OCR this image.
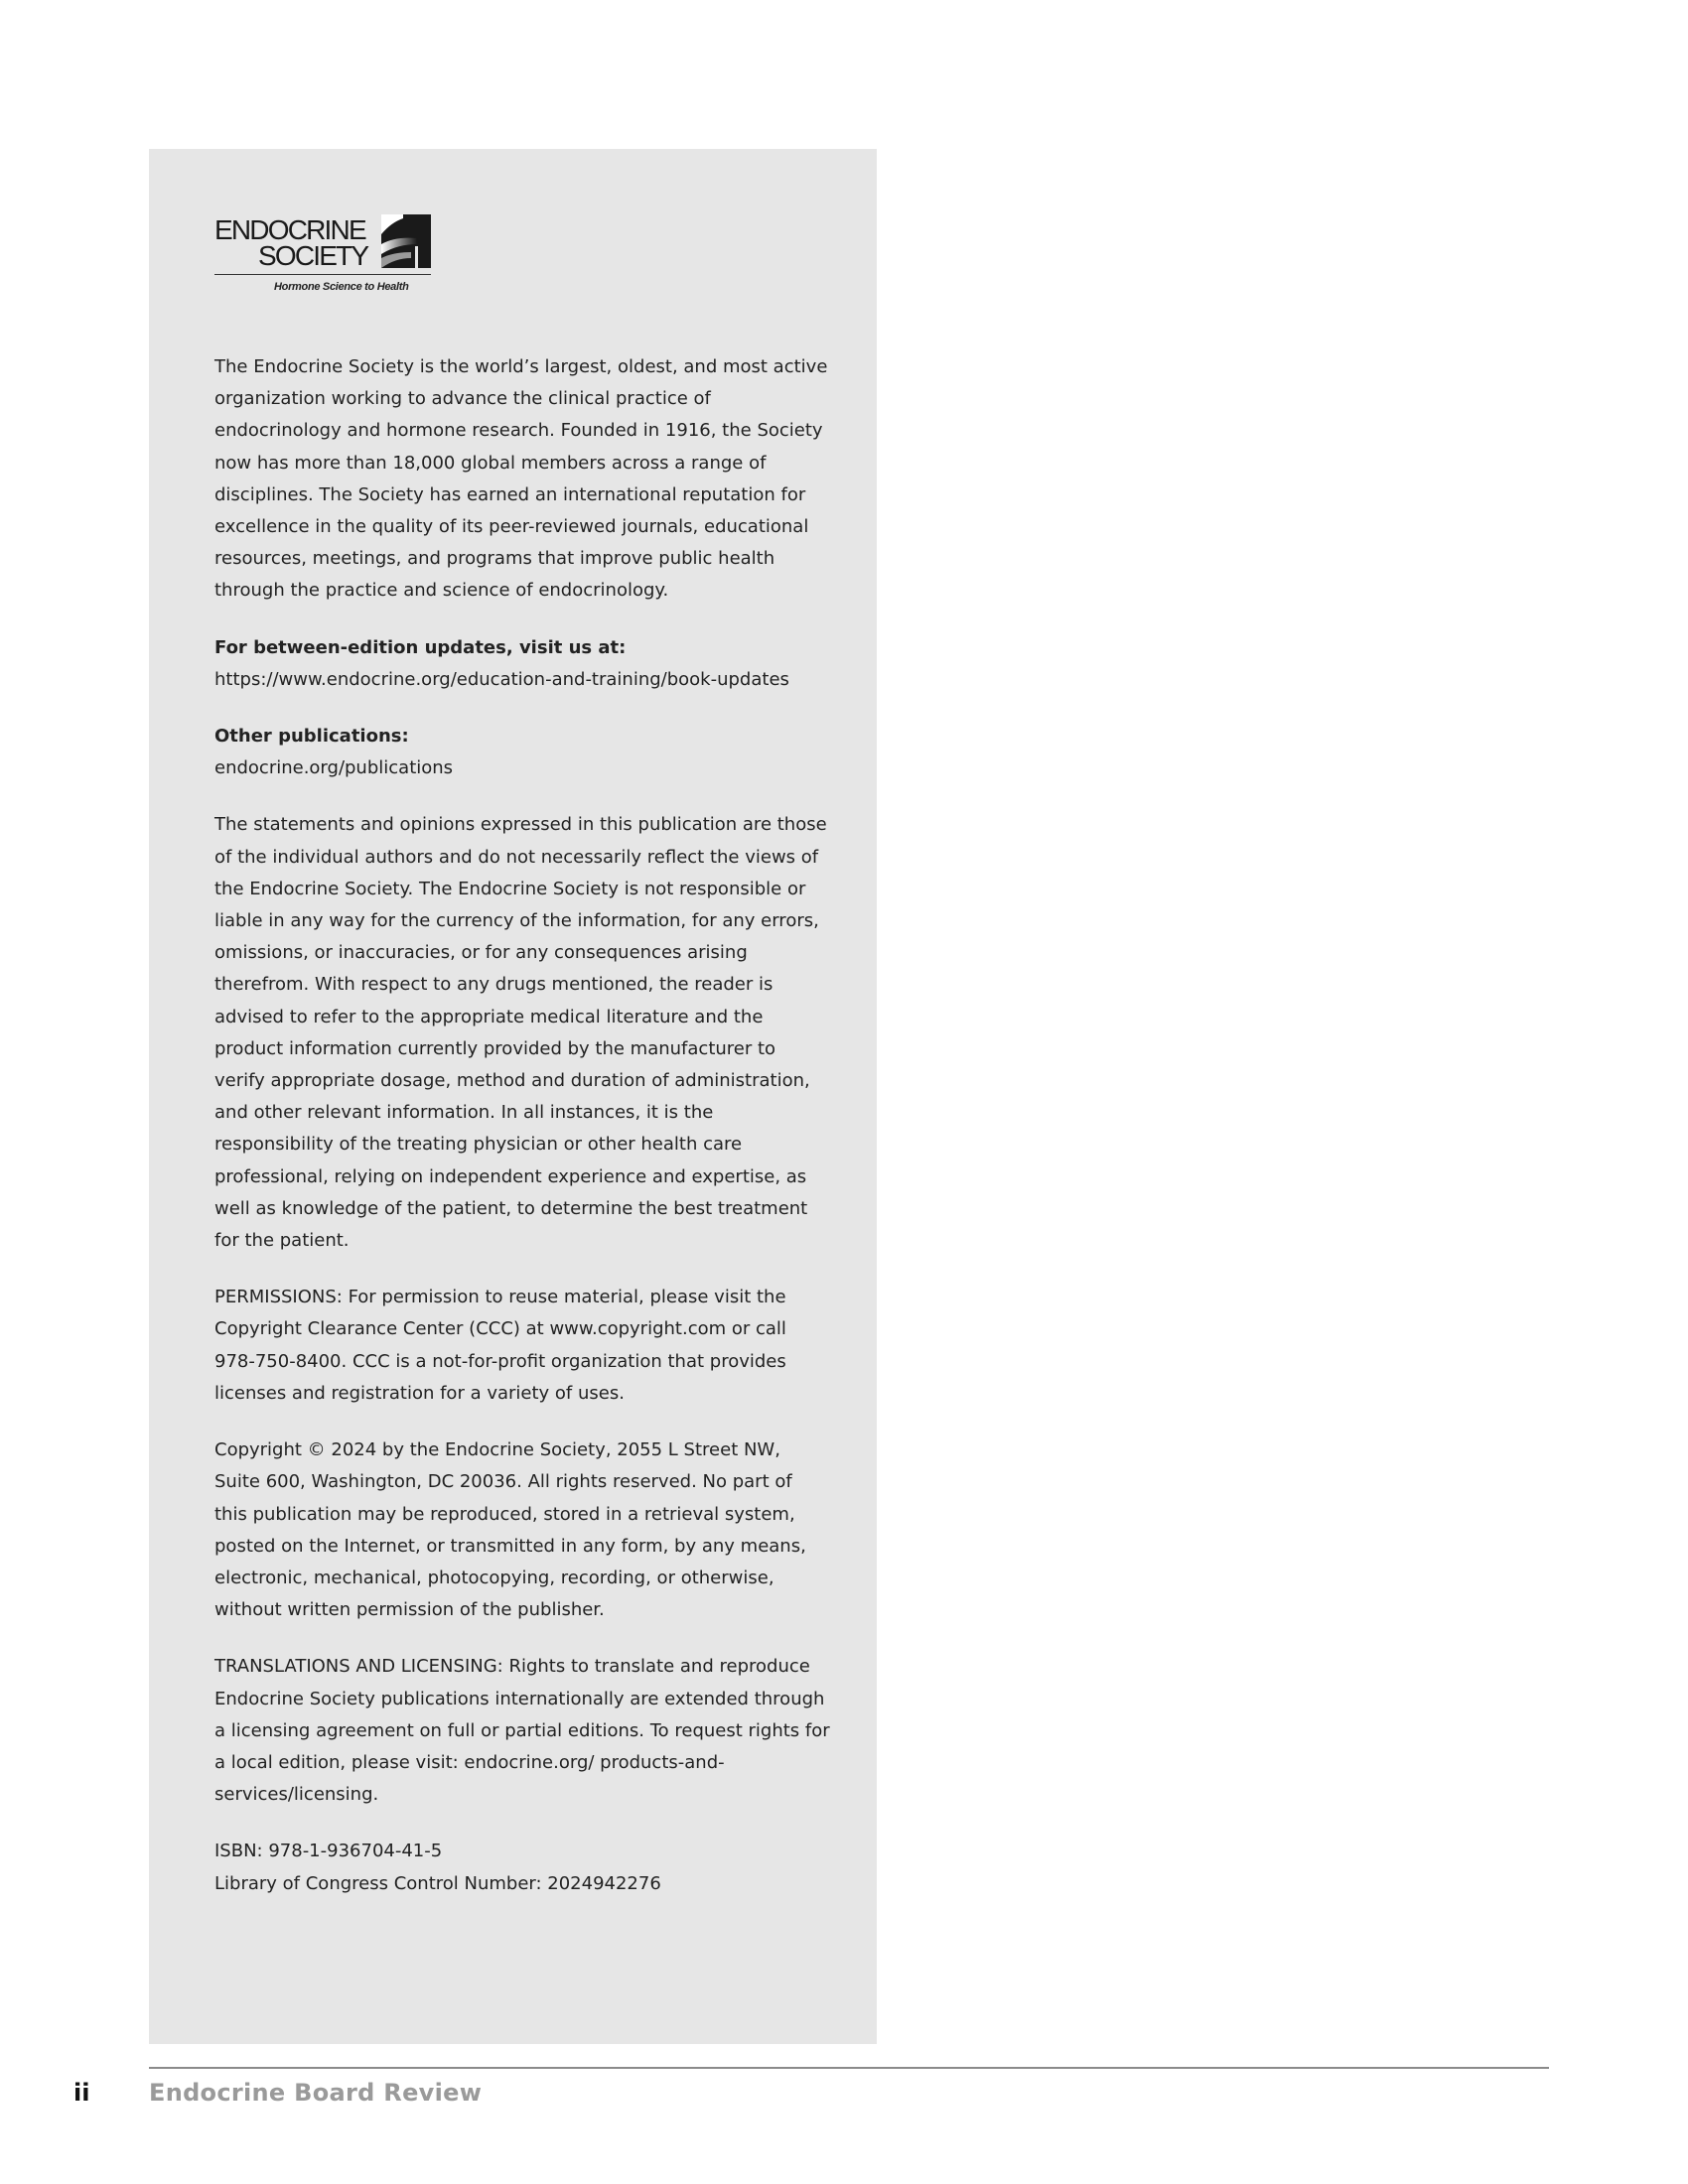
ENDOCRINE
SOCIETY
Hormone Science to Health

The Endocrine Society is the world’s largest, oldest, and most active organization working to advance the clinical practice of endocrinology and hormone research. Founded in 1916, the Society now has more than 18,000 global members across a range of disciplines. The Society has earned an international reputation for excellence in the quality of its peer-reviewed journals, educational resources, meetings, and programs that improve public health through the practice and science of endocrinology.

For between-edition updates, visit us at:
https://www.endocrine.org/education-and-training/book-updates

Other publications:
endocrine.org/publications

The statements and opinions expressed in this publication are those of the individual authors and do not necessarily reflect the views of the Endocrine Society. The Endocrine Society is not responsible or liable in any way for the currency of the information, for any errors, omissions, or inaccuracies, or for any consequences arising therefrom. With respect to any drugs mentioned, the reader is advised to refer to the appropriate medical literature and the product information currently provided by the manufacturer to verify appropriate dosage, method and duration of administration, and other relevant information. In all instances, it is the responsibility of the treating physician or other health care professional, relying on independent experience and expertise, as well as knowledge of the patient, to determine the best treatment for the patient.

PERMISSIONS: For permission to reuse material, please visit the Copyright Clearance Center (CCC) at www.copyright.com or call 978-750-8400. CCC is a not-for-profit organization that provides licenses and registration for a variety of uses.

Copyright © 2024 by the Endocrine Society, 2055 L Street NW, Suite 600, Washington, DC 20036. All rights reserved. No part of this publication may be reproduced, stored in a retrieval system, posted on the Internet, or transmitted in any form, by any means, electronic, mechanical, photocopying, recording, or otherwise, without written permission of the publisher.

TRANSLATIONS AND LICENSING: Rights to translate and reproduce Endocrine Society publications internationally are extended through a licensing agreement on full or partial editions. To request rights for a local edition, please visit: endocrine.org/ products-and-services/licensing.

ISBN: 978-1-936704-41-5
Library of Congress Control Number: 2024942276

ii Endocrine Board Review
